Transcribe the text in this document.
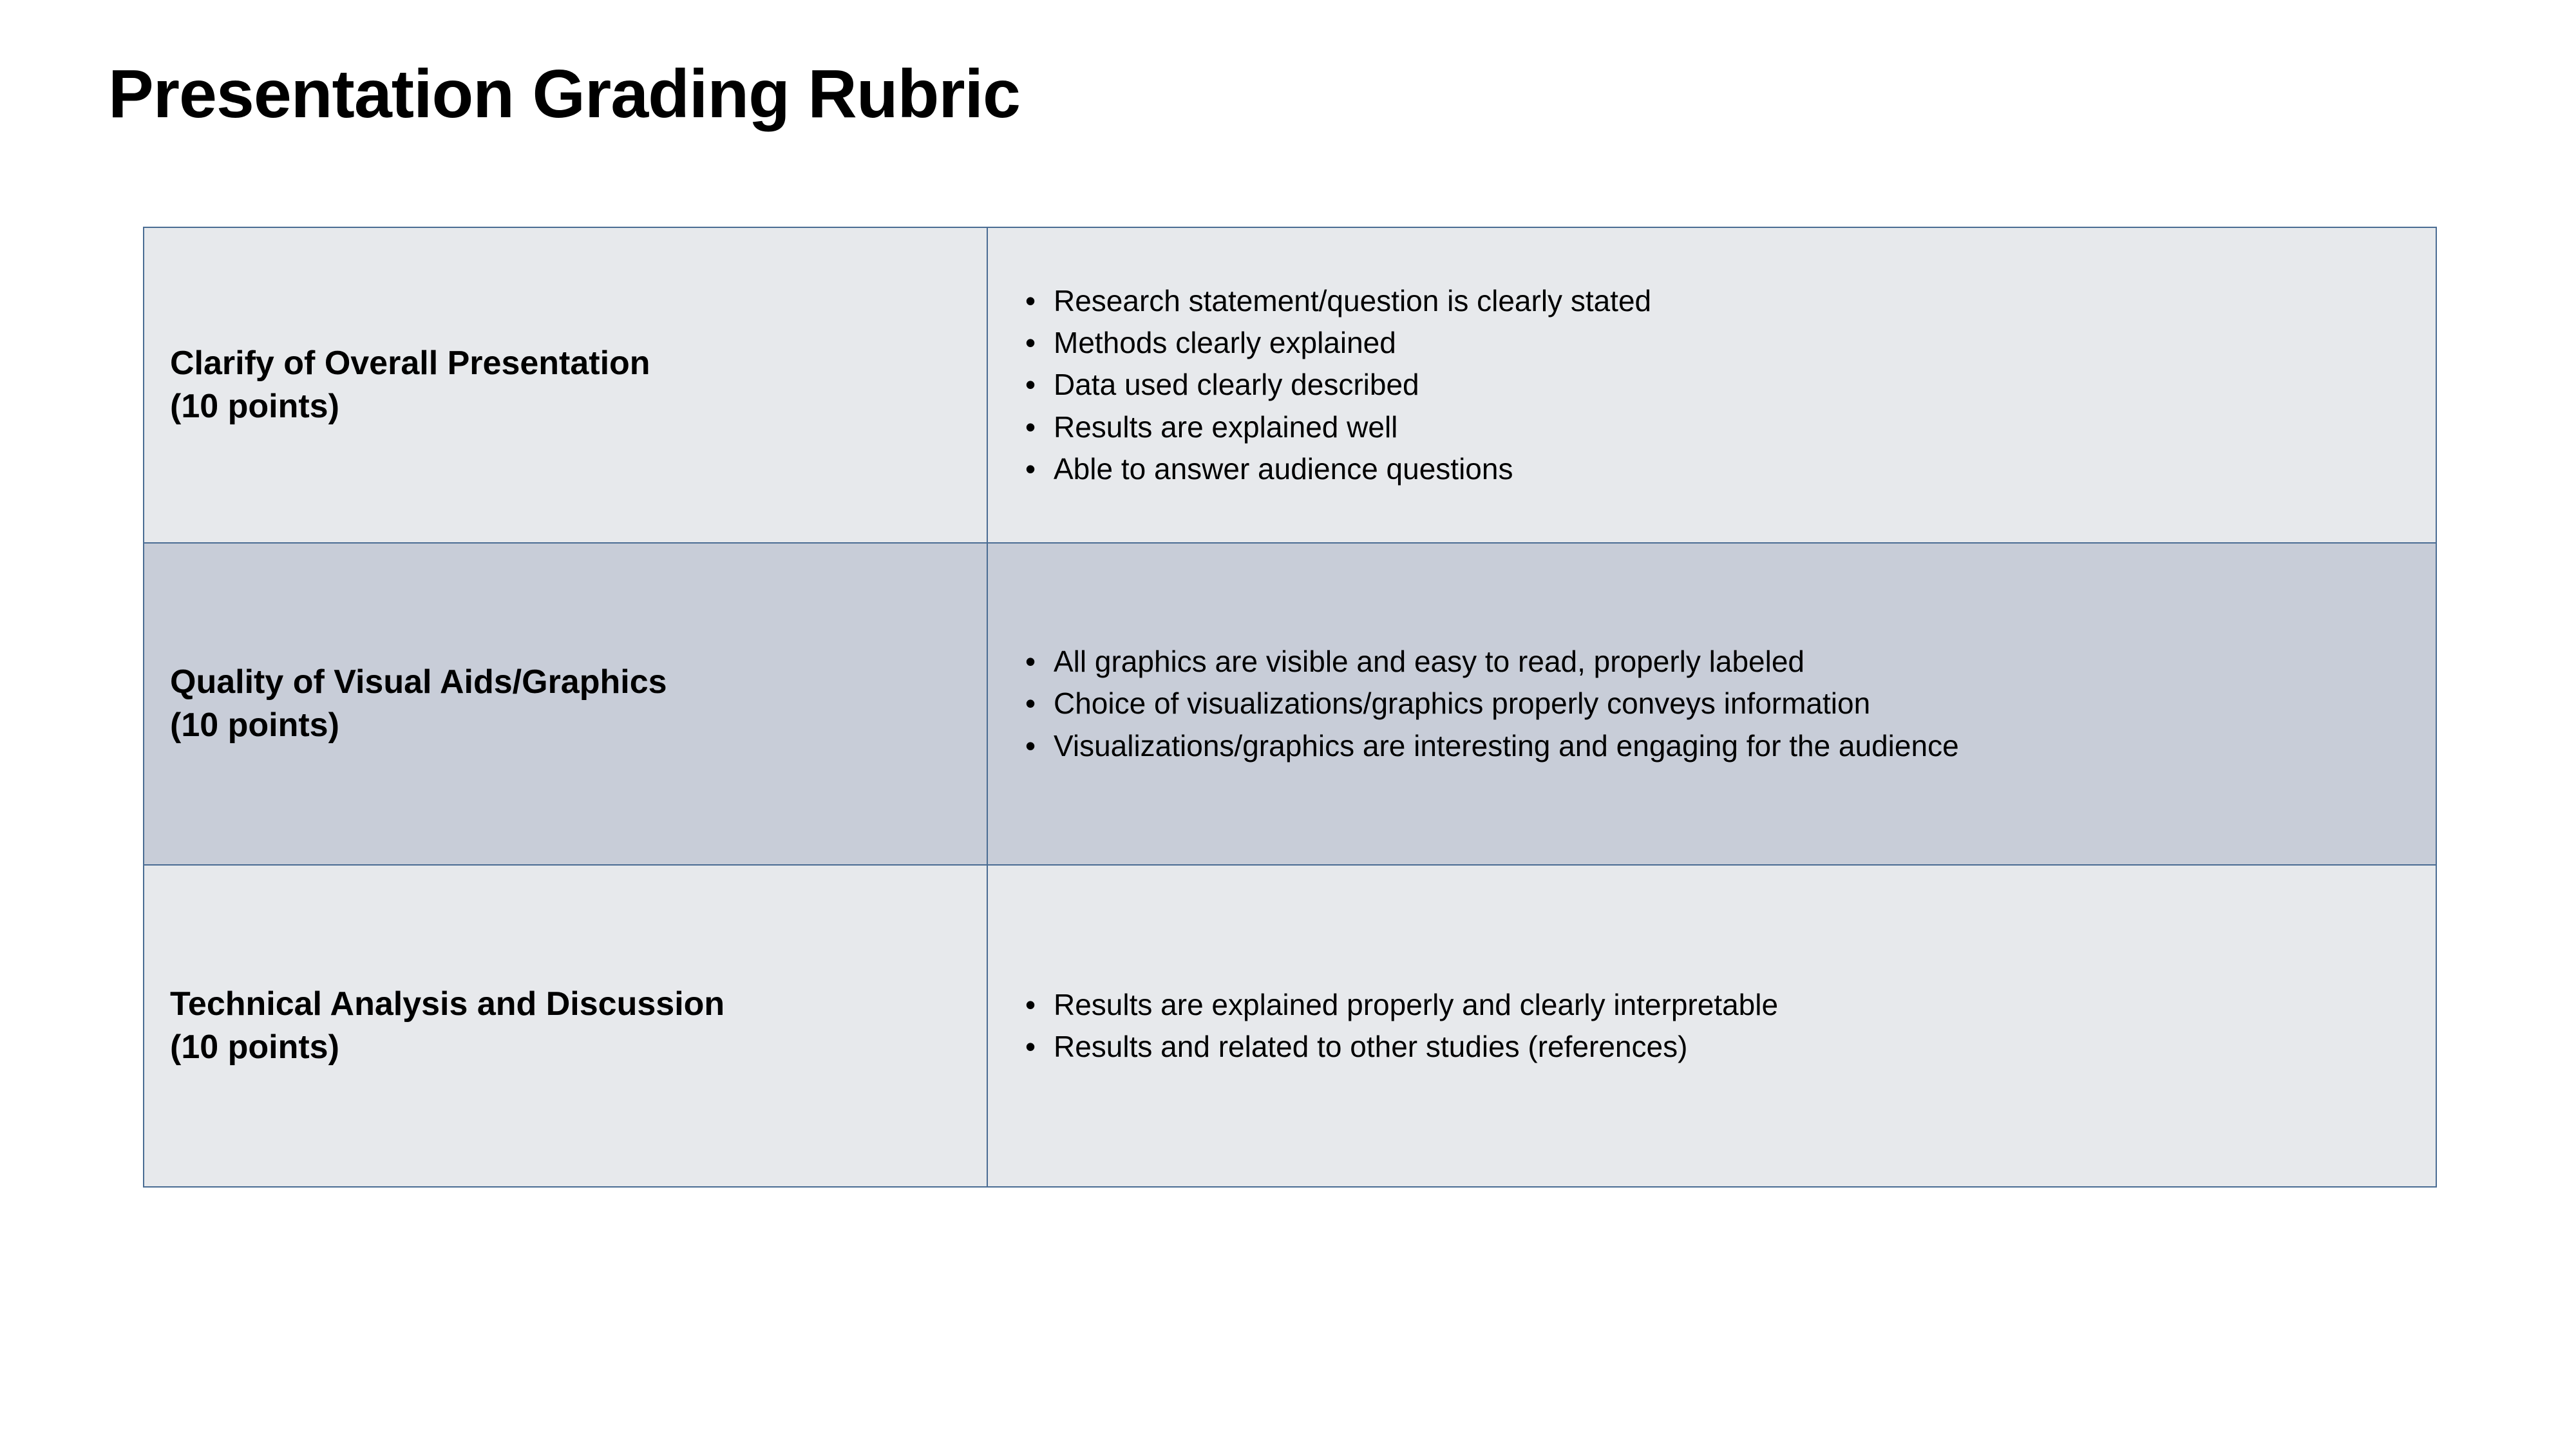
Presentation Grading Rubric
Clarify of Overall Presentation
(10 points)

• Research statement/question is clearly stated
• Methods clearly explained
• Data used clearly described
• Results are explained well
• Able to answer audience questions

Quality of Visual Aids/Graphics
(10 points)

• All graphics are visible and easy to read, properly labeled
• Choice of visualizations/graphics properly conveys information
• Visualizations/graphics are interesting and engaging for the audience

Technical Analysis and Discussion
(10 points)

• Results are explained properly and clearly interpretable
• Results and related to other studies (references)
